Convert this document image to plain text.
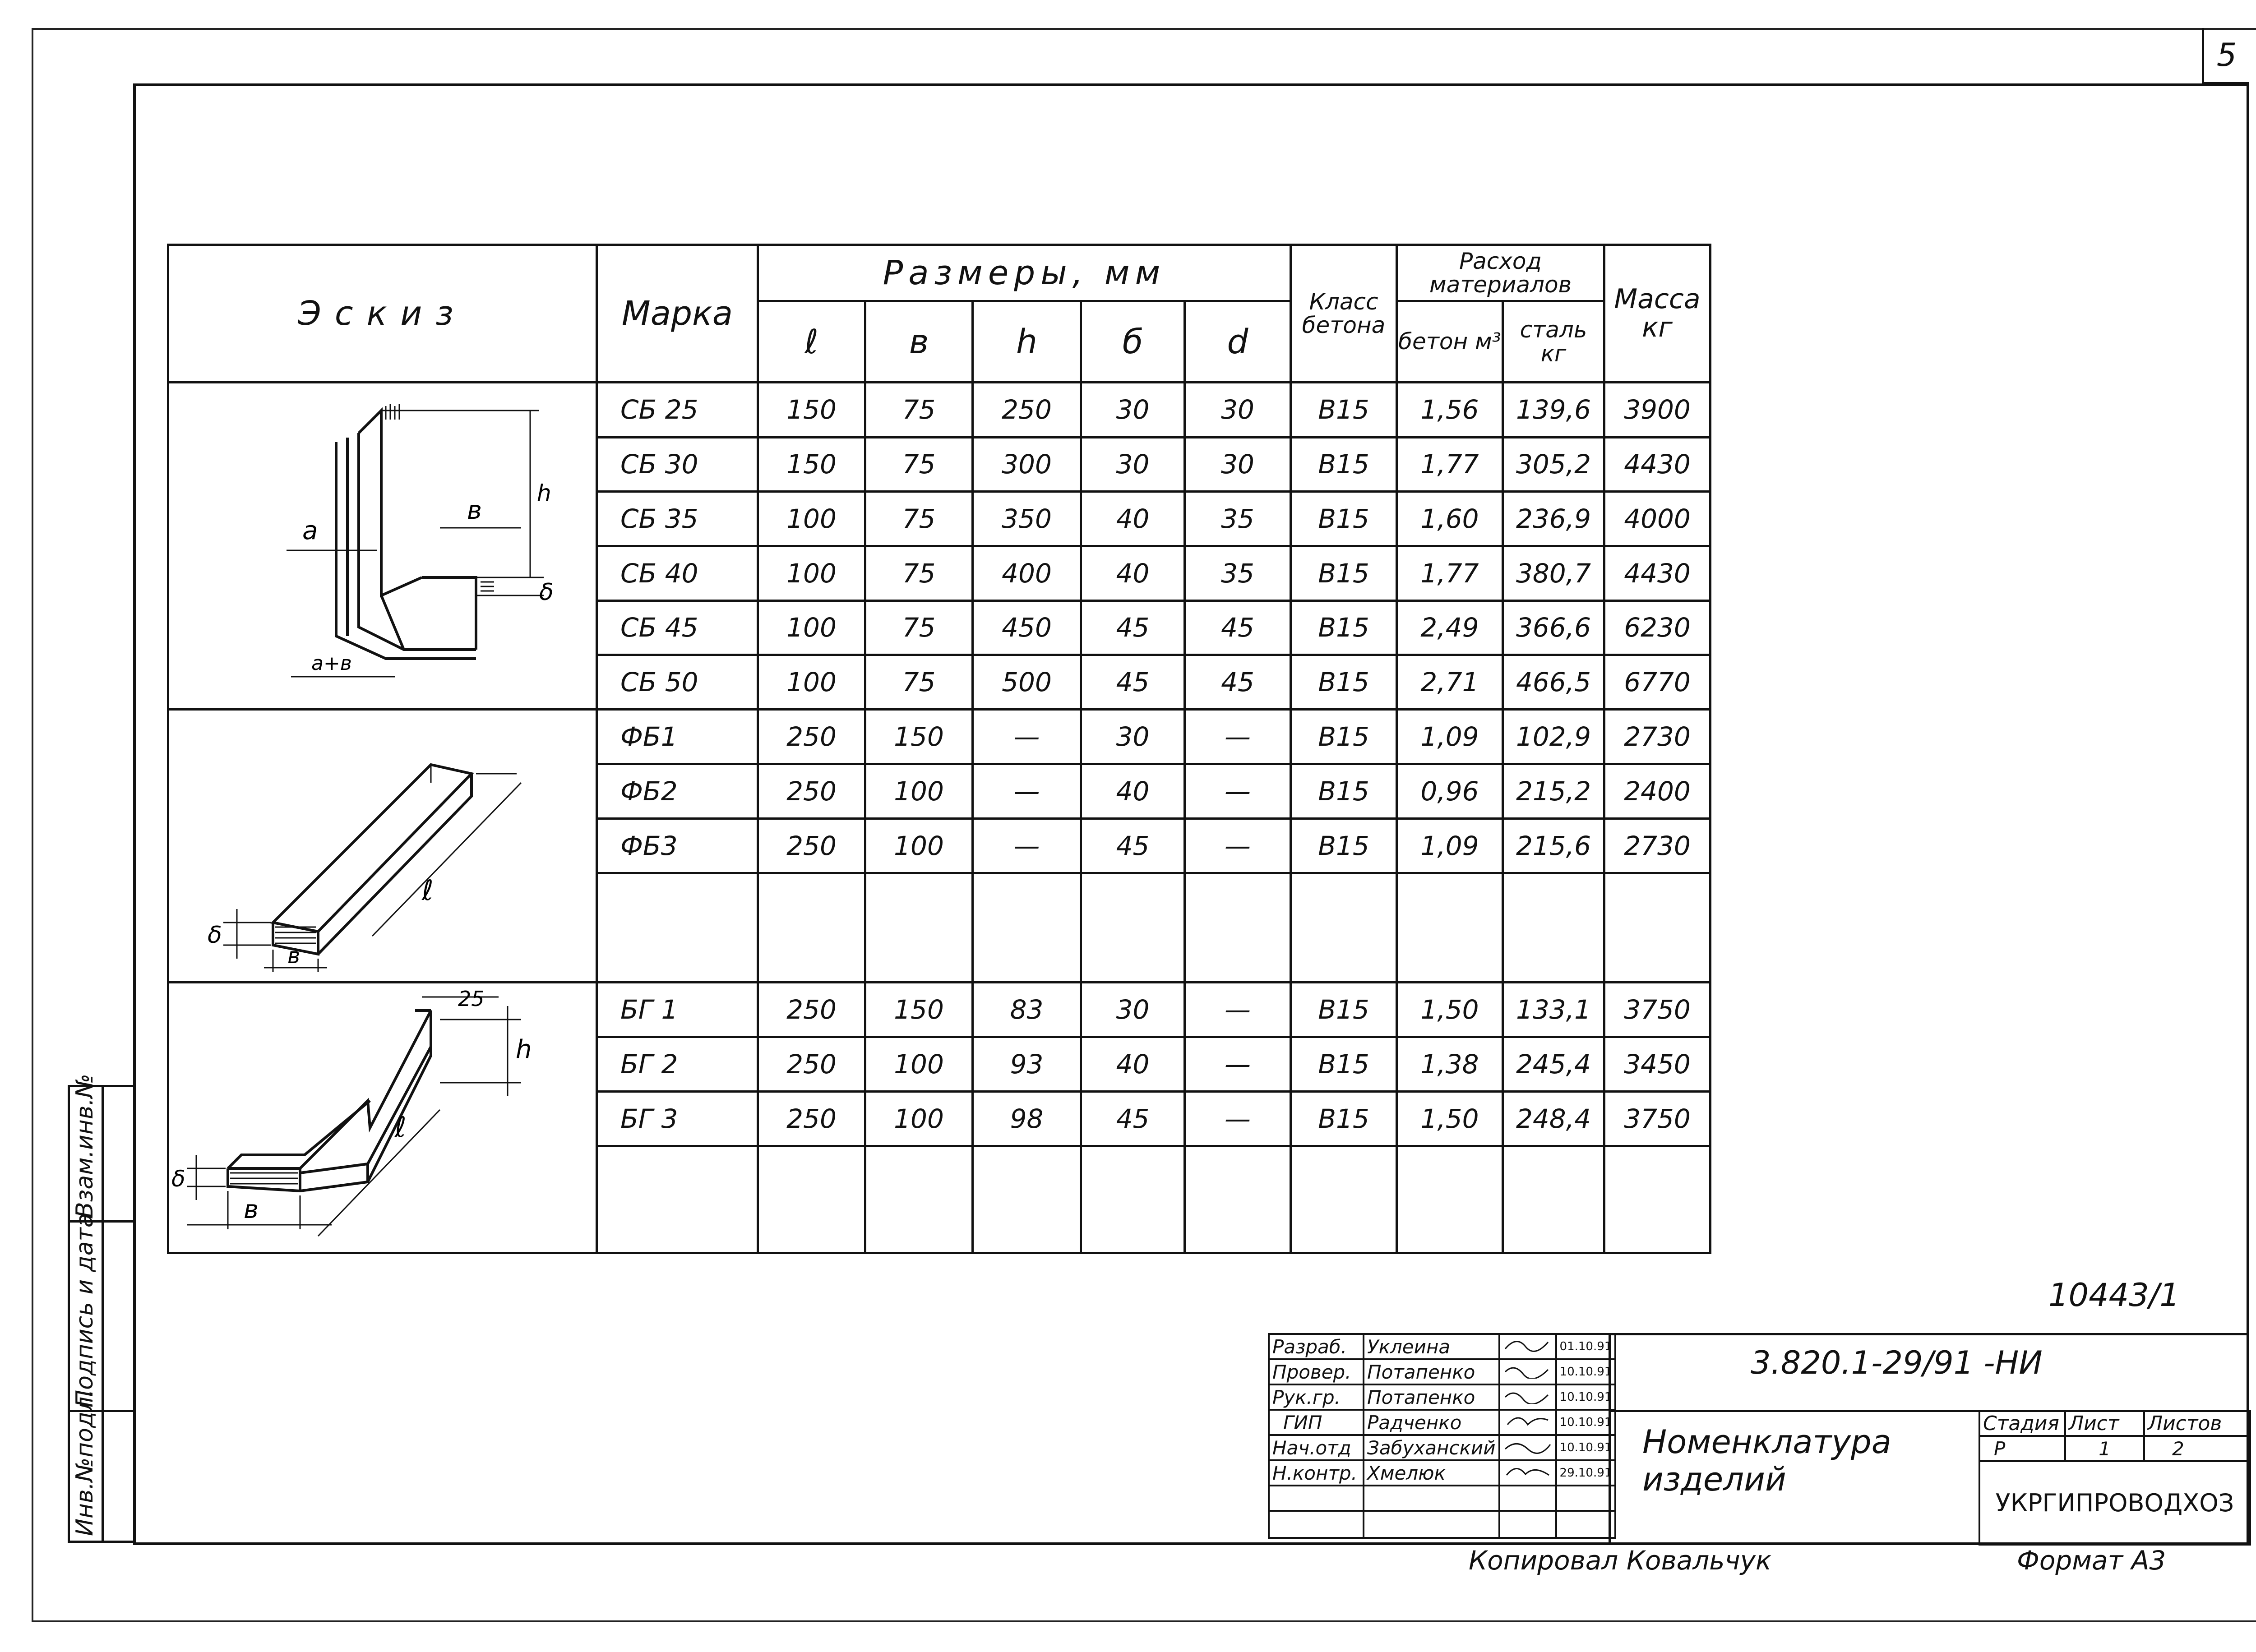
5
Эскиз	Марка	Размеры, мм					Класс бетона	Расход материалов		Масса кг
		ℓ	в	h	б	d		бетон м³	сталь кг	

a
h
в
δ
a+в	СБ 25	150	75	250	30	30	В15	1,56	139,6	3900
	СБ 30	150	75	300	30	30	В15	1,77	305,2	4430
	СБ 35	100	75	350	40	35	В15	1,60	236,9	4000
	СБ 40	100	75	400	40	35	В15	1,77	380,7	4430
	СБ 45	100	75	450	45	45	В15	2,49	366,6	6230
	СБ 50	100	75	500	45	45	В15	2,71	466,5	6770

ℓ
δ
в	ФБ1	250	150	—	30	—	В15	1,09	102,9	2730
	ФБ2	250	100	—	40	—	В15	0,96	215,2	2400
	ФБ3	250	100	—	45	—	В15	1,09	215,6	2730

25
h
ℓ
δ
в	БГ 1	250	150	83	30	—	В15	1,50	133,1	3750
	БГ 2	250	100	93	40	—	В15	1,38	245,4	3450
	БГ 3	250	100	98	45	—	В15	1,50	248,4	3750

10443/1
Разраб.	Уклеина		01.10.91
Провер.	Потапенко		10.10.91
Рук.гр.	Потапенко		10.10.91
ГИП	Радченко		10.10.91
Нач.отд	Забуханский		10.10.91
Н.контр.	Хмелюк		29.10.91

3.820.1-29/91 -НИ
Номенклатура изделий
Стадия	Лист	Листов
Р	1	2
УКРГИПРОВОДХОЗ		
Копировал Ковальчук	Формат А3
Инв.№подл.
Подпись и дата
Взам.инв.№
